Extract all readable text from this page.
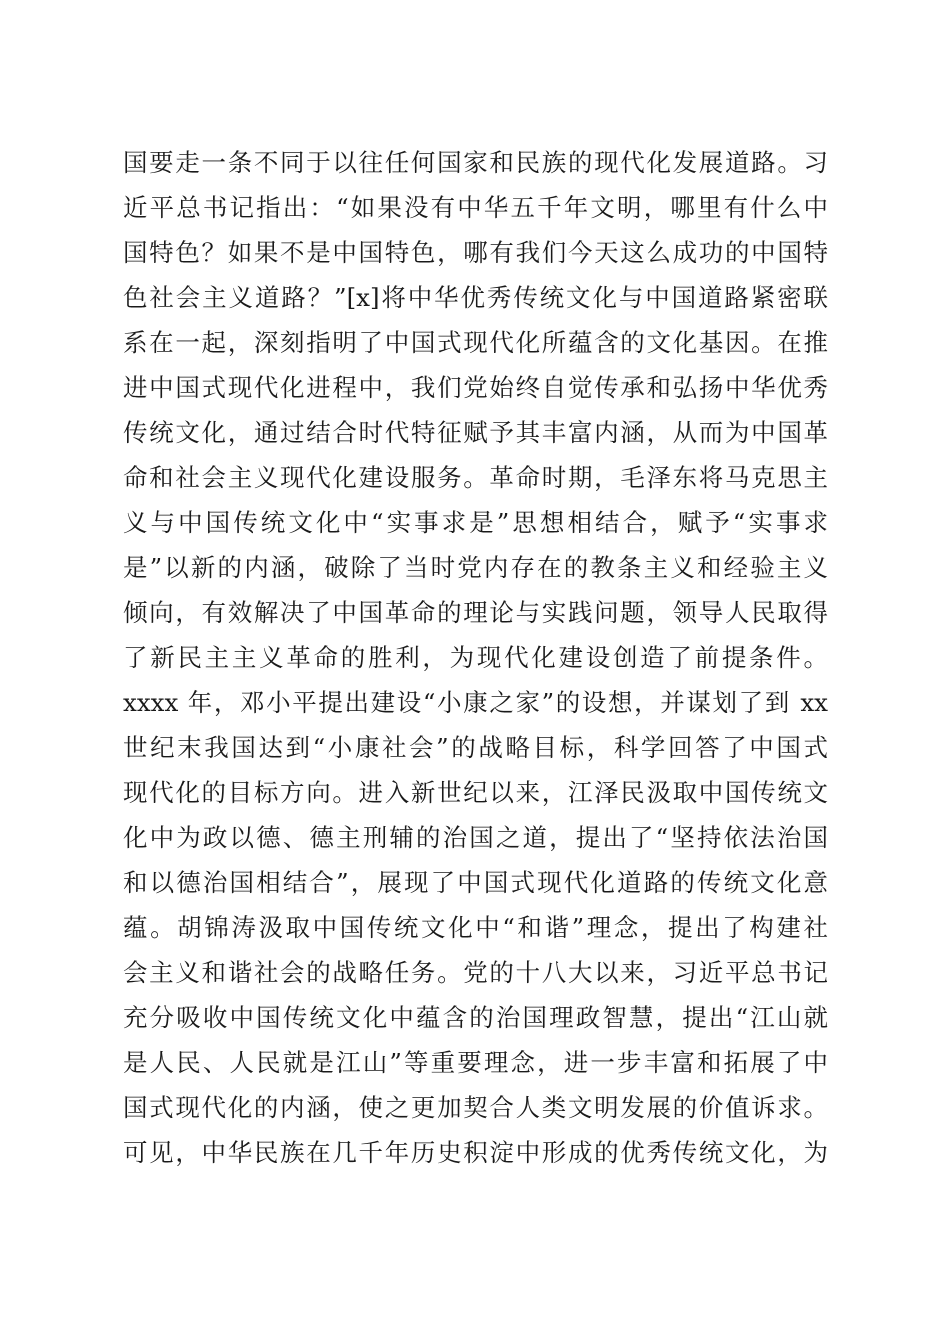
国要走一条不同于以往任何国家和民族的现代化发展道路。习
近平总书记指出：“如果没有中华五千年文明，哪里有什么中
国特色？如果不是中国特色，哪有我们今天这么成功的中国特
色社会主义道路？”[x]将中华优秀传统文化与中国道路紧密联
系在一起，深刻指明了中国式现代化所蕴含的文化基因。在推
进中国式现代化进程中，我们党始终自觉传承和弘扬中华优秀
传统文化，通过结合时代特征赋予其丰富内涵，从而为中国革
命和社会主义现代化建设服务。革命时期，毛泽东将马克思主
义与中国传统文化中“实事求是”思想相结合，赋予“实事求
是”以新的内涵，破除了当时党内存在的教条主义和经验主义
倾向，有效解决了中国革命的理论与实践问题，领导人民取得
了新民主主义革命的胜利，为现代化建设创造了前提条件。
xxxx 年，邓小平提出建设“小康之家”的设想，并谋划了到 xx
世纪末我国达到“小康社会”的战略目标，科学回答了中国式
现代化的目标方向。进入新世纪以来，江泽民汲取中国传统文
化中为政以德、德主刑辅的治国之道，提出了“坚持依法治国
和以德治国相结合”，展现了中国式现代化道路的传统文化意
蕴。胡锦涛汲取中国传统文化中“和谐”理念，提出了构建社
会主义和谐社会的战略任务。党的十八大以来，习近平总书记
充分吸收中国传统文化中蕴含的治国理政智慧，提出“江山就
是人民、人民就是江山”等重要理念，进一步丰富和拓展了中
国式现代化的内涵，使之更加契合人类文明发展的价值诉求。
可见，中华民族在几千年历史积淀中形成的优秀传统文化，为
